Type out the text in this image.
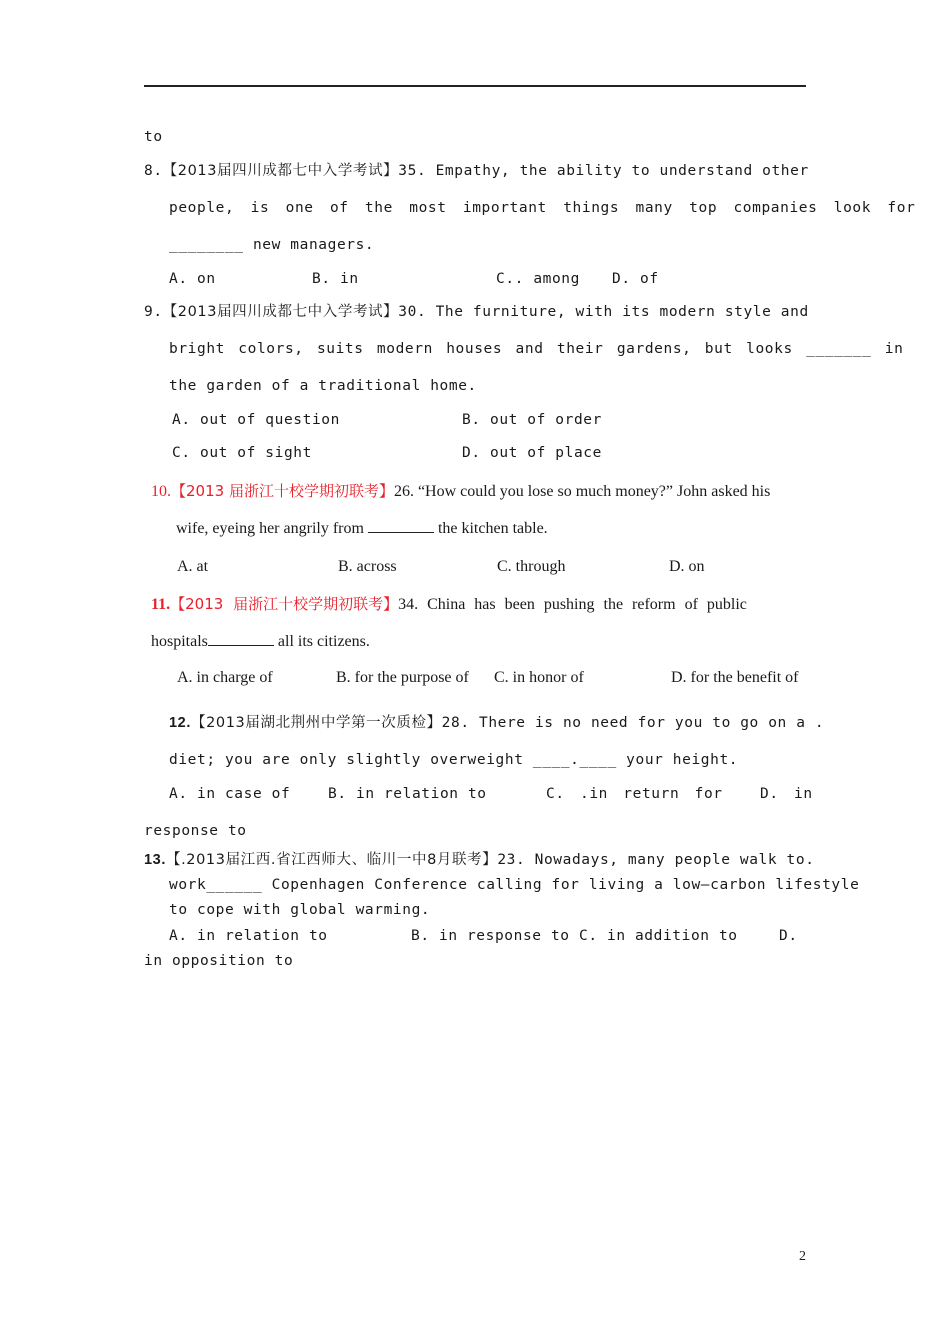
to
8.【2013届四川成都七中入学考试】35. Empathy, the ability to understand other
people, is one of the most important things many top companies look for
________ new managers.
A. on	B. in	C.. among D. of
9.【2013届四川成都七中入学考试】30. The furniture, with its modern style and
bright colors, suits modern houses and their gardens, but looks _______ in
the garden of a traditional home.
A. out of question	B. out of order
C. out of sight	D. out of place
10.【2013 届浙江十校学期初联考】26. “How could you lose so much money?” John asked his
wife, eyeing her angrily from	the kitchen table.
A. at	B. across	C. through	D. on
11.【2013 届浙江十校学期初联考】34. China has been pushing the reform of public
hospitals	all its citizens.
A. in charge of	B. for the purpose of C. in honor of	D. for the benefit of
12.【2013届湖北荆州中学第一次质检】28. There is no need for you to go on a .
diet; you are only slightly overweight ____.____ your height.
A. in case of	B. in relation to	C. .in return for	D. in
response to
13.【.2013届江西.省江西师大、临川一中8月联考】23. Nowadays, many people walk to.
work______ Copenhagen Conference calling for living a low—carbon lifestyle
to cope with global warming.
A. in relation to	B. in response to C. in addition to	D.
in opposition to
2
